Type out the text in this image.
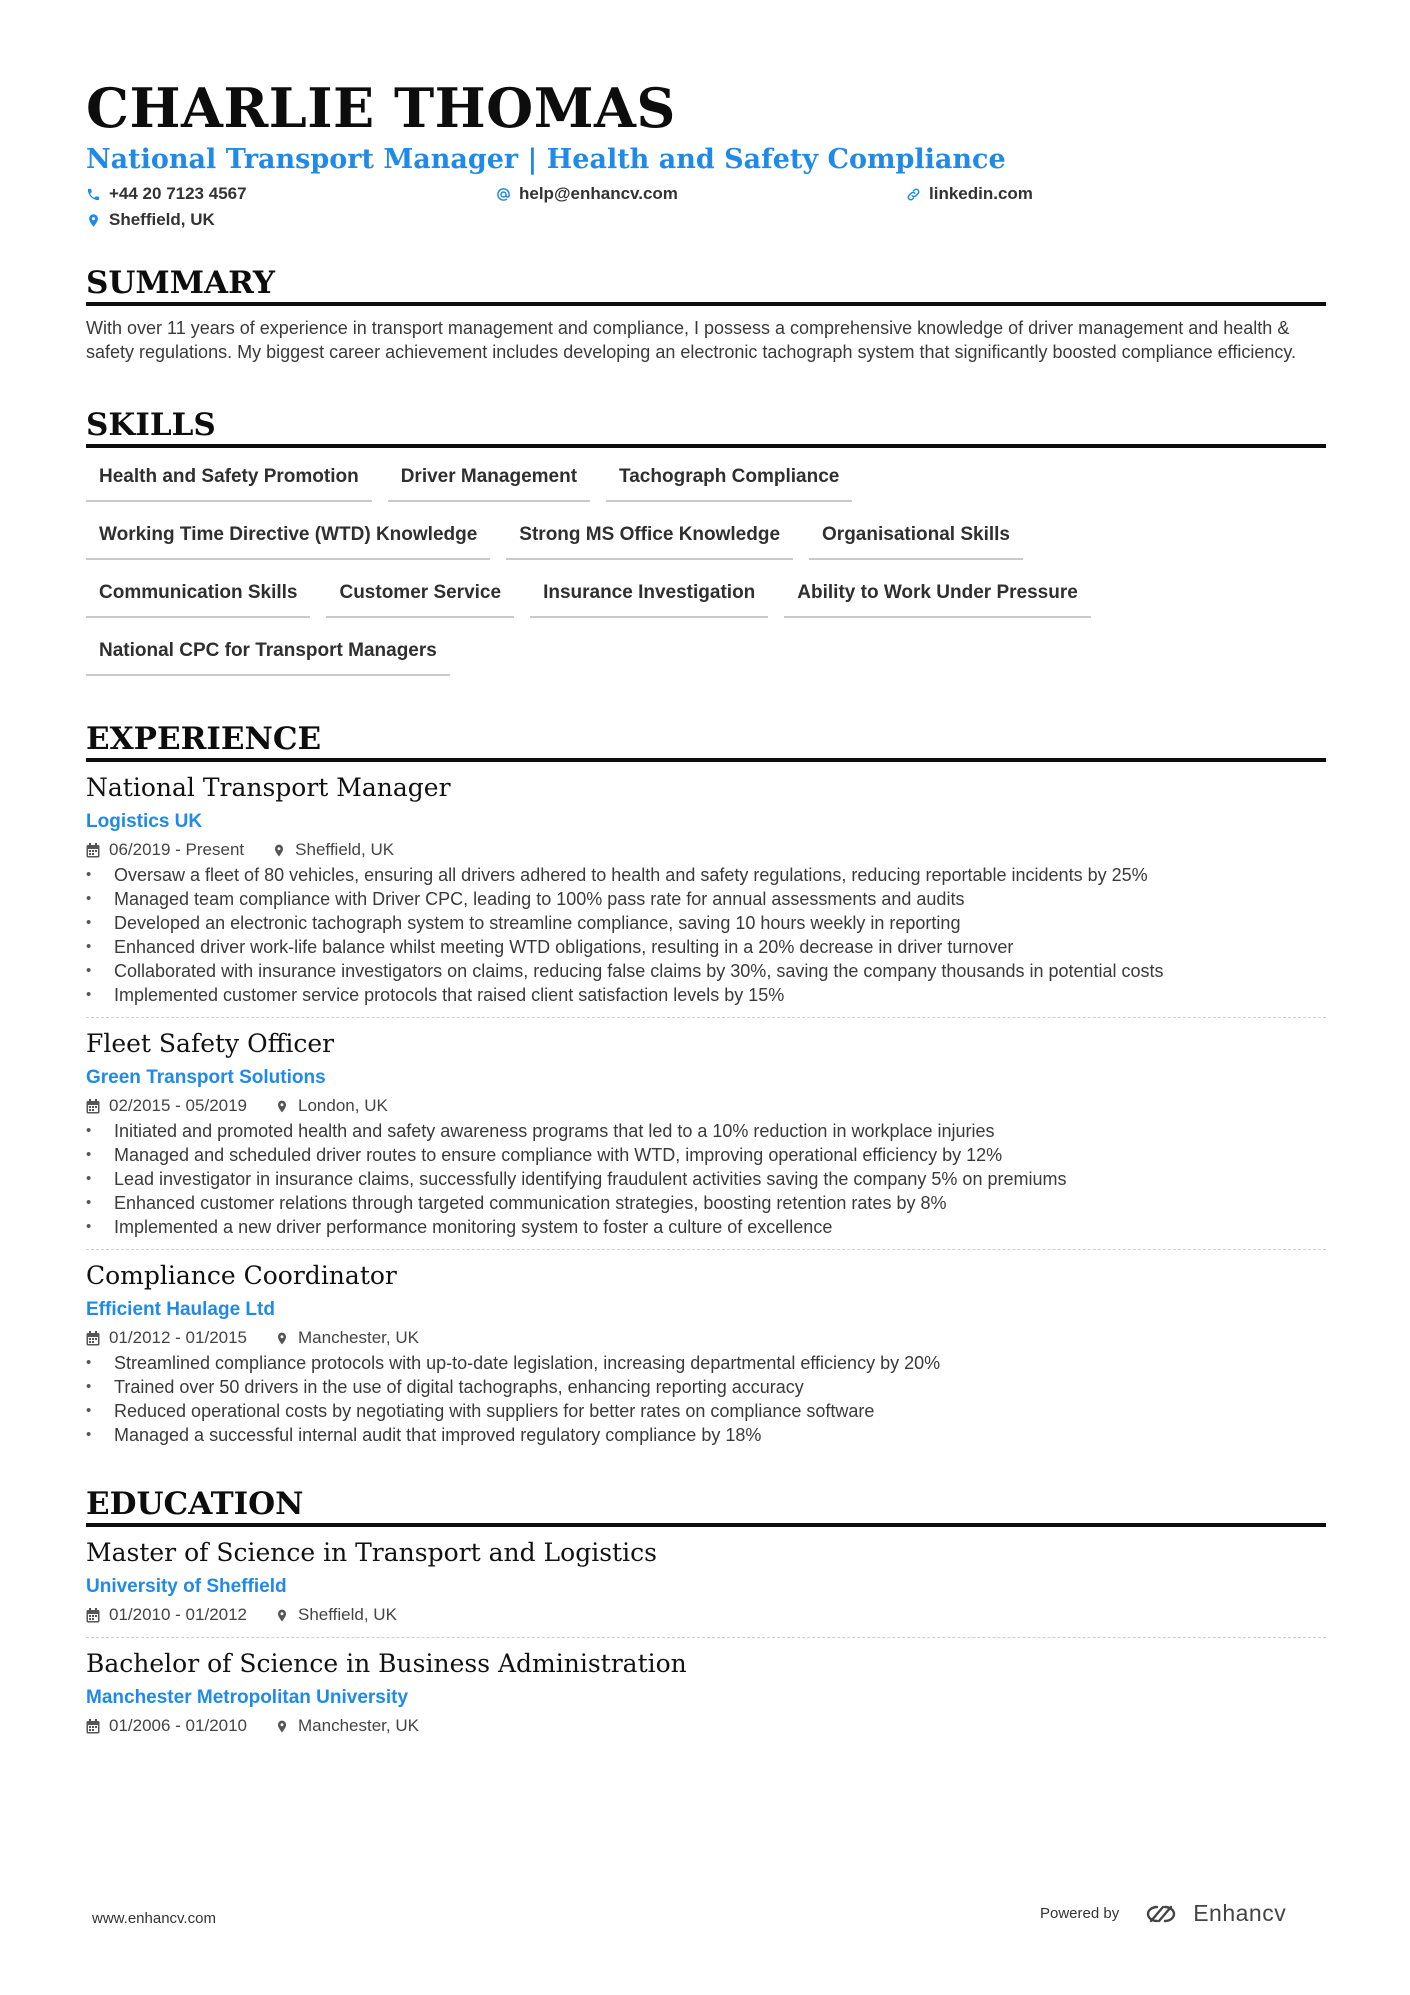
CHARLIE THOMAS
National Transport Manager | Health and Safety Compliance
+44 20 7123 4567	help@enhancv.com	linkedin.com
Sheffield, UK
SUMMARY
With over 11 years of experience in transport management and compliance, I possess a comprehensive knowledge of driver management and health & safety regulations. My biggest career achievement includes developing an electronic tachograph system that significantly boosted compliance efficiency.
SKILLS
Health and Safety Promotion	Driver Management	Tachograph Compliance
Working Time Directive (WTD) Knowledge	Strong MS Office Knowledge	Organisational Skills
Communication Skills	Customer Service	Insurance Investigation	Ability to Work Under Pressure
National CPC for Transport Managers
EXPERIENCE
National Transport Manager
Logistics UK
06/2019 - Present	Sheffield, UK
• Oversaw a fleet of 80 vehicles, ensuring all drivers adhered to health and safety regulations, reducing reportable incidents by 25%
• Managed team compliance with Driver CPC, leading to 100% pass rate for annual assessments and audits
• Developed an electronic tachograph system to streamline compliance, saving 10 hours weekly in reporting
• Enhanced driver work-life balance whilst meeting WTD obligations, resulting in a 20% decrease in driver turnover
• Collaborated with insurance investigators on claims, reducing false claims by 30%, saving the company thousands in potential costs
• Implemented customer service protocols that raised client satisfaction levels by 15%
Fleet Safety Officer
Green Transport Solutions
02/2015 - 05/2019	London, UK
• Initiated and promoted health and safety awareness programs that led to a 10% reduction in workplace injuries
• Managed and scheduled driver routes to ensure compliance with WTD, improving operational efficiency by 12%
• Lead investigator in insurance claims, successfully identifying fraudulent activities saving the company 5% on premiums
• Enhanced customer relations through targeted communication strategies, boosting retention rates by 8%
• Implemented a new driver performance monitoring system to foster a culture of excellence
Compliance Coordinator
Efficient Haulage Ltd
01/2012 - 01/2015	Manchester, UK
• Streamlined compliance protocols with up-to-date legislation, increasing departmental efficiency by 20%
• Trained over 50 drivers in the use of digital tachographs, enhancing reporting accuracy
• Reduced operational costs by negotiating with suppliers for better rates on compliance software
• Managed a successful internal audit that improved regulatory compliance by 18%
EDUCATION
Master of Science in Transport and Logistics
University of Sheffield
01/2010 - 01/2012	Sheffield, UK
Bachelor of Science in Business Administration
Manchester Metropolitan University
01/2006 - 01/2010	Manchester, UK
www.enhancv.com	Powered by	Enhancv
